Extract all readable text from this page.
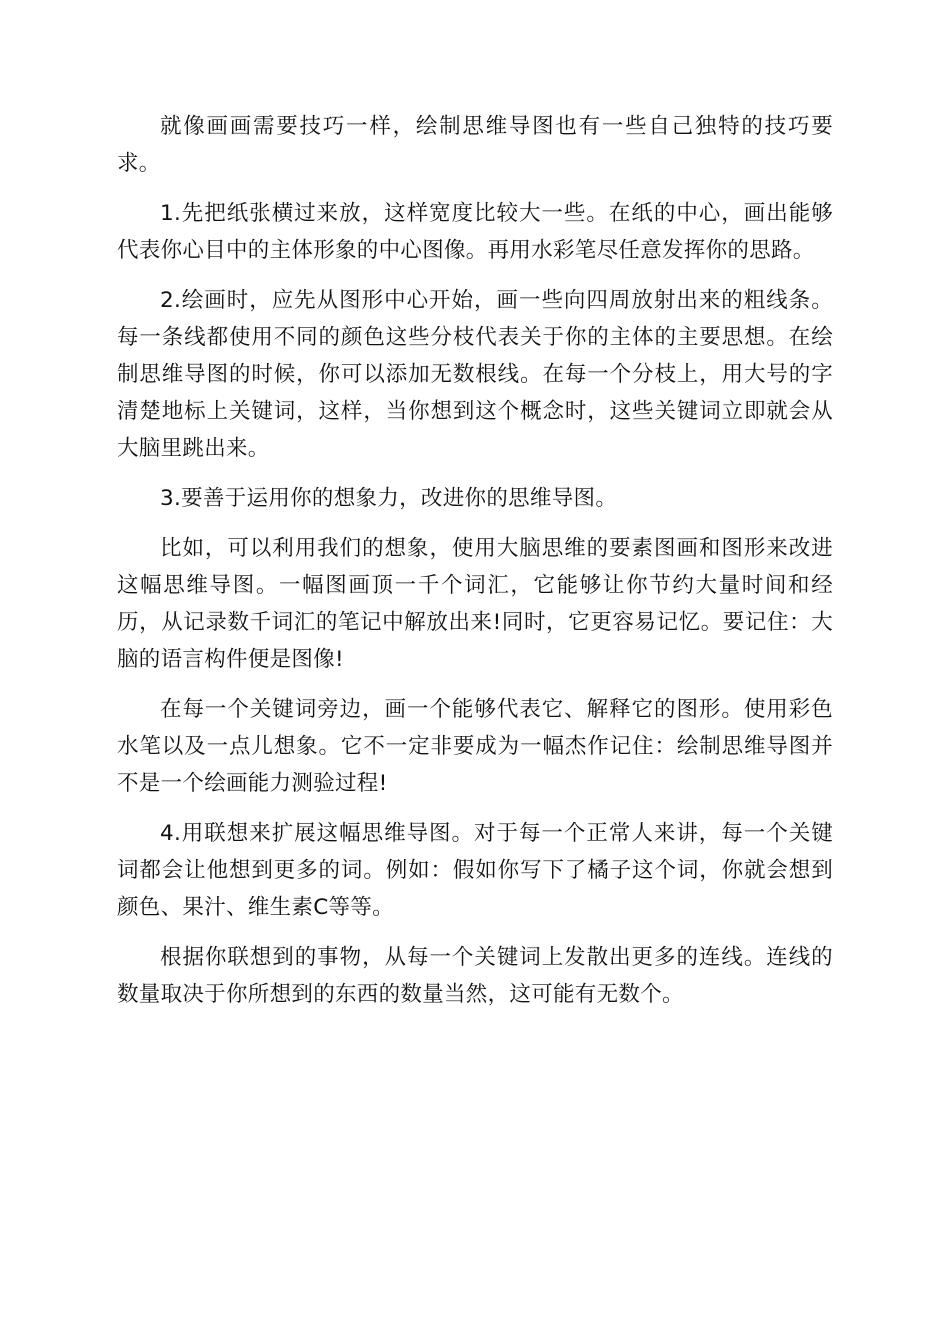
就像画画需要技巧一样，绘制思维导图也有一些自己独特的技巧要求。

1.先把纸张横过来放，这样宽度比较大一些。在纸的中心，画出能够代表你心目中的主体形象的中心图像。再用水彩笔尽任意发挥你的思路。

2.绘画时，应先从图形中心开始，画一些向四周放射出来的粗线条。每一条线都使用不同的颜色这些分枝代表关于你的主体的主要思想。在绘制思维导图的时候，你可以添加无数根线。在每一个分枝上，用大号的字清楚地标上关键词，这样，当你想到这个概念时，这些关键词立即就会从大脑里跳出来。

3.要善于运用你的想象力，改进你的思维导图。

比如，可以利用我们的想象，使用大脑思维的要素图画和图形来改进这幅思维导图。一幅图画顶一千个词汇，它能够让你节约大量时间和经历，从记录数千词汇的笔记中解放出来!同时，它更容易记忆。要记住：大脑的语言构件便是图像!

在每一个关键词旁边，画一个能够代表它、解释它的图形。使用彩色水笔以及一点儿想象。它不一定非要成为一幅杰作记住：绘制思维导图并不是一个绘画能力测验过程!

4.用联想来扩展这幅思维导图。对于每一个正常人来讲，每一个关键词都会让他想到更多的词。例如：假如你写下了橘子这个词，你就会想到颜色、果汁、维生素C等等。

根据你联想到的事物，从每一个关键词上发散出更多的连线。连线的数量取决于你所想到的东西的数量当然，这可能有无数个。
